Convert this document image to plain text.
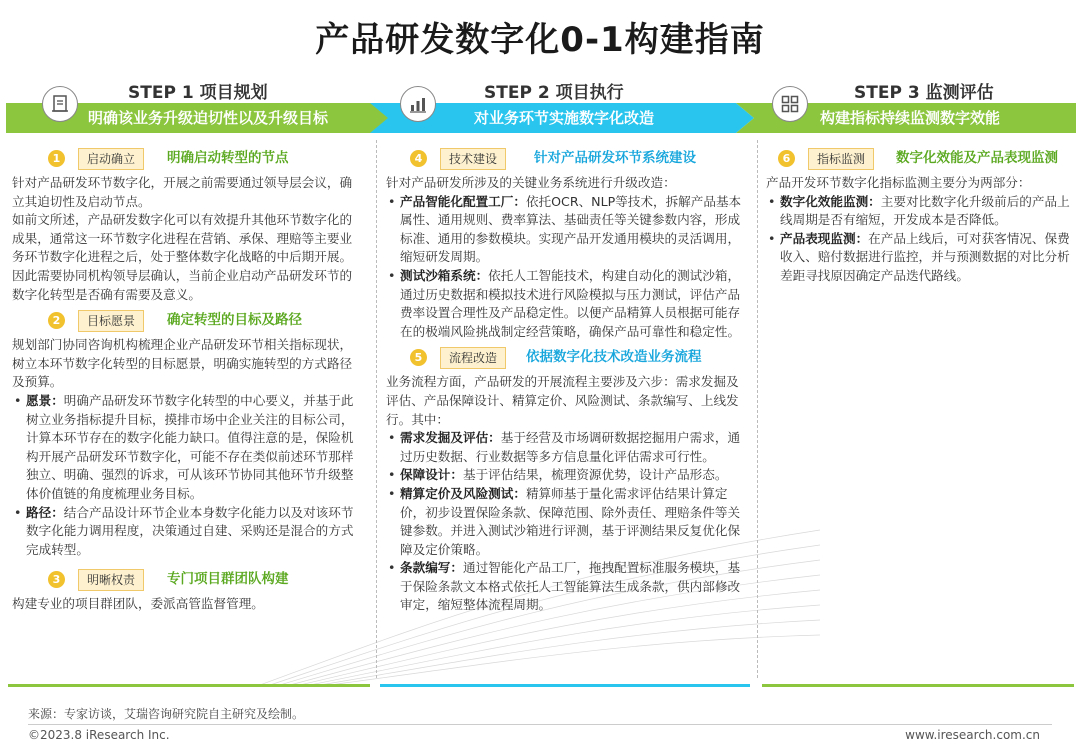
产品研发数字化0-1构建指南
STEP 1 项目规划	STEP 2 项目执行	STEP 3 监测评估
明确该业务升级迫切性以及升级目标	对业务环节实施数字化改造	构建指标持续监测数字效能
1	启动确立	明确启动转型的节点
针对产品研发环节数字化，开展之前需要通过领导层会议，确立其迫切性及启动节点。
如前文所述，产品研发数字化可以有效提升其他环节数字化的成果，通常这一环节数字化进程在营销、承保、理赔等主要业务环节数字化进程之后，处于整体数字化战略的中后期开展。因此需要协同机构领导层确认，当前企业启动产品研发环节的数字化转型是否确有需要及意义。
2	目标愿景	确定转型的目标及路径
规划部门协同咨询机构梳理企业产品研发环节相关指标现状，树立本环节数字化转型的目标愿景，明确实施转型的方式路径及预算。
• 愿景：明确产品研发环节数字化转型的中心要义，并基于此树立业务指标提升目标，摸排市场中企业关注的目标公司，计算本环节存在的数字化能力缺口。值得注意的是，保险机构开展产品研发环节数字化，可能不存在类似前述环节那样独立、明确、强烈的诉求，可从该环节协同其他环节升级整体价值链的角度梳理业务目标。
• 路径：结合产品设计环节企业本身数字化能力以及对该环节数字化能力调用程度，决策通过自建、采购还是混合的方式完成转型。
3	明晰权责	专门项目群团队构建
构建专业的项目群团队，委派高管监督管理。
4	技术建设	针对产品研发环节系统建设
针对产品研发所涉及的关键业务系统进行升级改造：
• 产品智能化配置工厂：依托OCR、NLP等技术，拆解产品基本属性、通用规则、费率算法、基础责任等关键参数内容，形成标准、通用的参数模块。实现产品开发通用模块的灵活调用，缩短研发周期。
• 测试沙箱系统：依托人工智能技术，构建自动化的测试沙箱，通过历史数据和模拟技术进行风险模拟与压力测试，评估产品费率设置合理性及产品稳定性。以便产品精算人员根据可能存在的极端风险挑战制定经营策略，确保产品可靠性和稳定性。
5	流程改造	依据数字化技术改造业务流程
业务流程方面，产品研发的开展流程主要涉及六步：需求发掘及评估、产品保障设计、精算定价、风险测试、条款编写、上线发行。其中：
• 需求发掘及评估：基于经营及市场调研数据挖掘用户需求，通过历史数据、行业数据等多方信息量化评估需求可行性。
• 保障设计：基于评估结果，梳理资源优势，设计产品形态。
• 精算定价及风险测试：精算师基于量化需求评估结果计算定价，初步设置保险条款、保障范围、除外责任、理赔条件等关键参数。并进入测试沙箱进行评测，基于评测结果反复优化保障及定价策略。
• 条款编写：通过智能化产品工厂，拖拽配置标准服务模块，基于保险条款文本格式依托人工智能算法生成条款，供内部修改审定，缩短整体流程周期。
6	指标监测	数字化效能及产品表现监测
产品开发环节数字化指标监测主要分为两部分：
• 数字化效能监测：主要对比数字化升级前后的产品上线周期是否有缩短，开发成本是否降低。
• 产品表现监测：在产品上线后，可对获客情况、保费收入、赔付数据进行监控，并与预测数据的对比分析差距寻找原因确定产品迭代路线。
来源：专家访谈，艾瑞咨询研究院自主研究及绘制。
©2023.8 iResearch Inc.	www.iresearch.com.cn
